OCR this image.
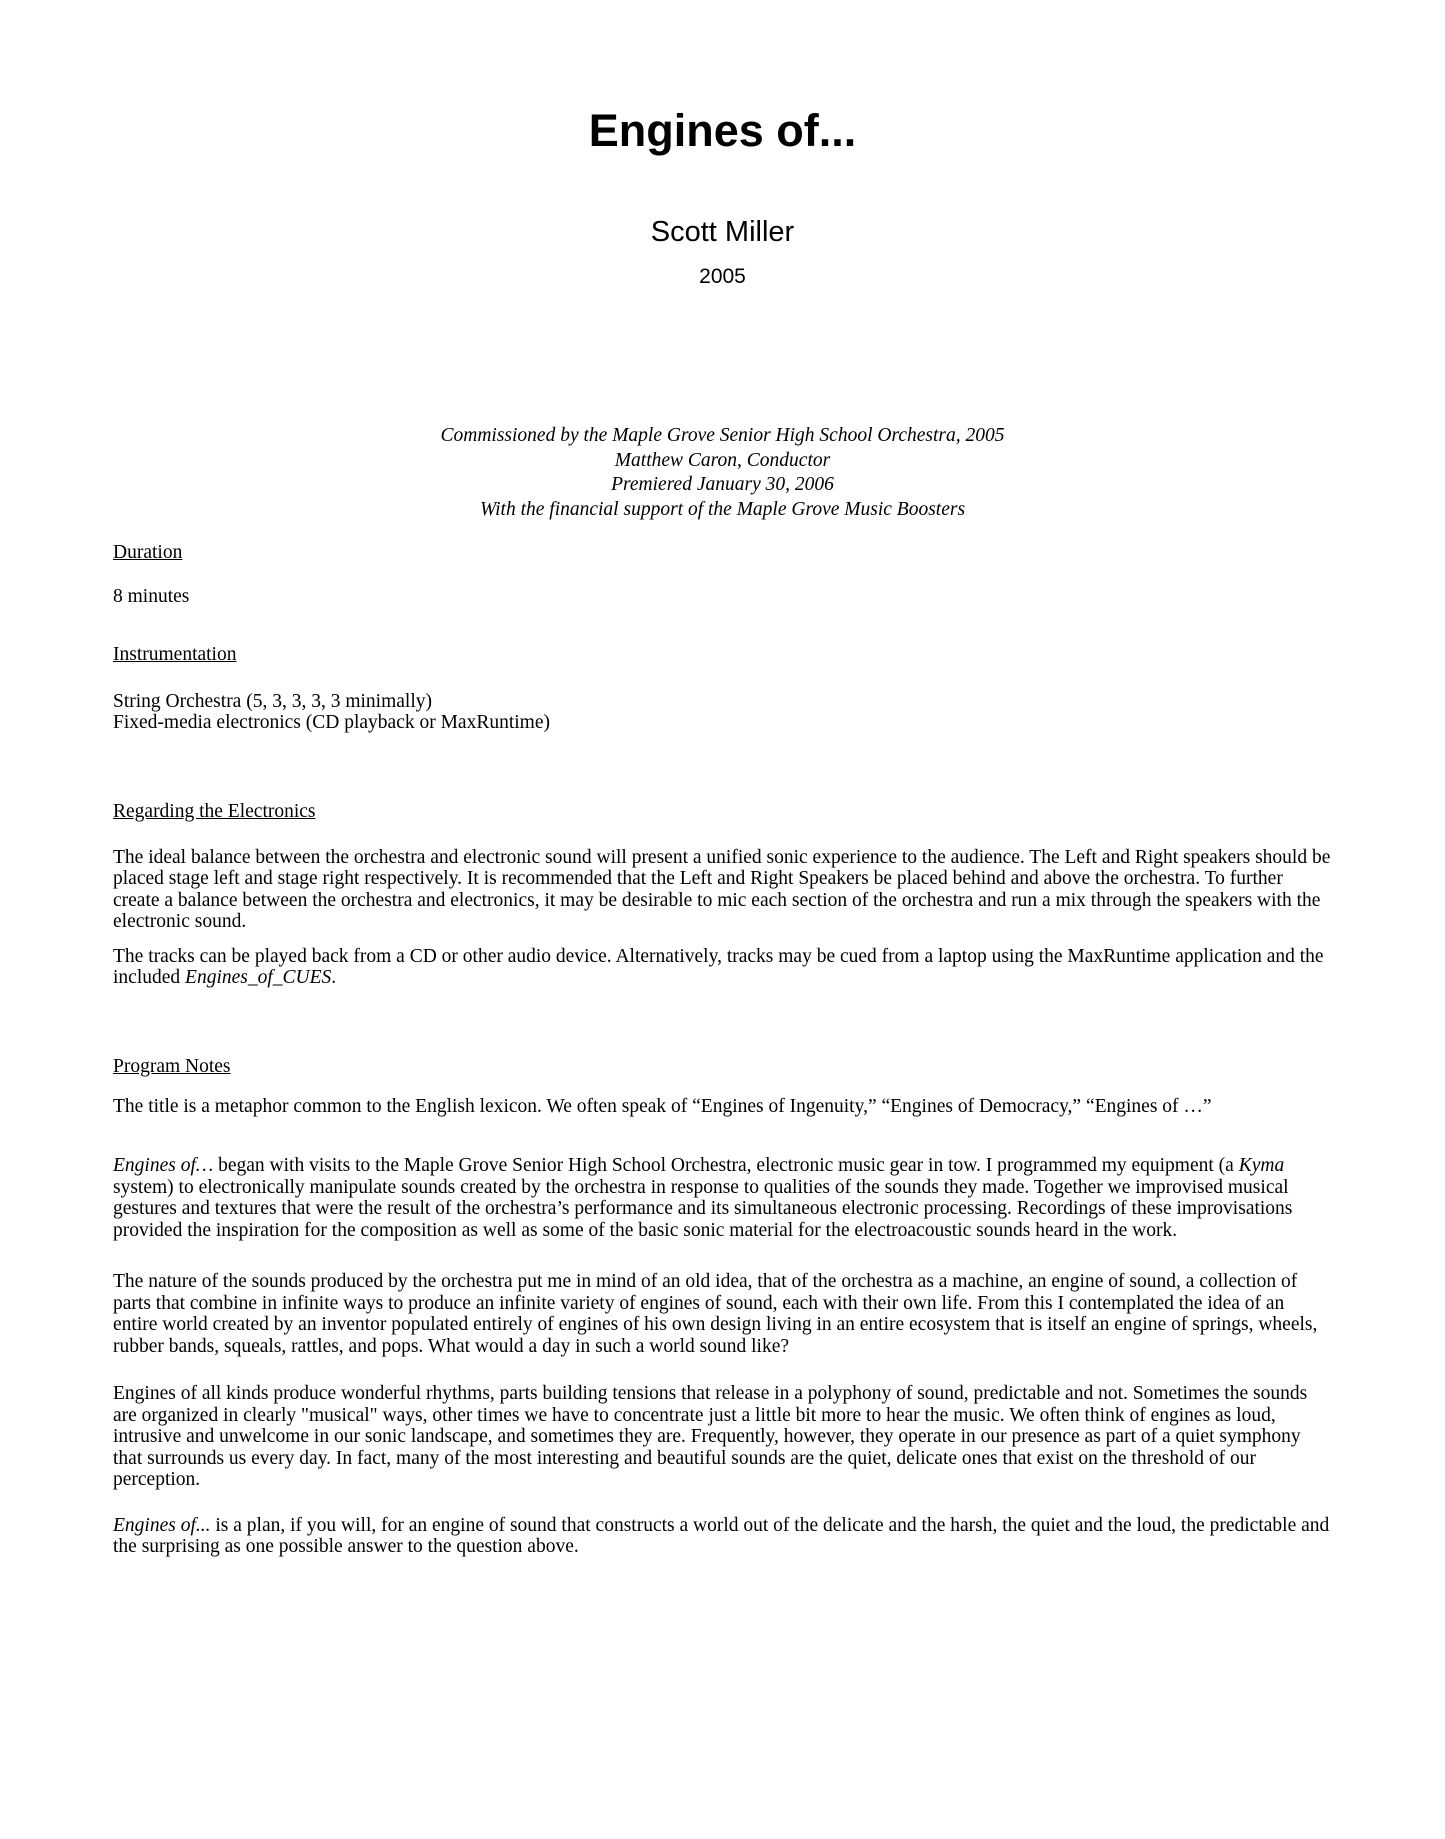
Engines of...
Scott Miller
2005
Commissioned by the Maple Grove Senior High School Orchestra, 2005
Matthew Caron, Conductor
Premiered January 30, 2006
With the financial support of the Maple Grove Music Boosters
Duration
8 minutes
Instrumentation
String Orchestra (5, 3, 3, 3, 3 minimally)
Fixed-media electronics (CD playback or MaxRuntime)
Regarding the Electronics

The ideal balance between the orchestra and electronic sound will present a unified sonic experience to the audience. The Left and Right speakers should be placed stage left and stage right respectively. It is recommended that the Left and Right Speakers be placed behind and above the orchestra. To further create a balance between the orchestra and electronics, it may be desirable to mic each section of the orchestra and run a mix through the speakers with the electronic sound.

The tracks can be played back from a CD or other audio device. Alternatively, tracks may be cued from a laptop using the MaxRuntime application and the included Engines_of_CUES.

Program Notes

The title is a metaphor common to the English lexicon. We often speak of “Engines of Ingenuity,” “Engines of Democracy,” “Engines of …”

Engines of… began with visits to the Maple Grove Senior High School Orchestra, electronic music gear in tow. I programmed my equipment (a Kyma system) to electronically manipulate sounds created by the orchestra in response to qualities of the sounds they made. Together we improvised musical gestures and textures that were the result of the orchestra’s performance and its simultaneous electronic processing. Recordings of these improvisations provided the inspiration for the composition as well as some of the basic sonic material for the electroacoustic sounds heard in the work.

The nature of the sounds produced by the orchestra put me in mind of an old idea, that of the orchestra as a machine, an engine of sound, a collection of parts that combine in infinite ways to produce an infinite variety of engines of sound, each with their own life. From this I contemplated the idea of an entire world created by an inventor populated entirely of engines of his own design living in an entire ecosystem that is itself an engine of springs, wheels, rubber bands, squeals, rattles, and pops. What would a day in such a world sound like?

Engines of all kinds produce wonderful rhythms, parts building tensions that release in a polyphony of sound, predictable and not. Sometimes the sounds are organized in clearly "musical" ways, other times we have to concentrate just a little bit more to hear the music. We often think of engines as loud, intrusive and unwelcome in our sonic landscape, and sometimes they are. Frequently, however, they operate in our presence as part of a quiet symphony that surrounds us every day. In fact, many of the most interesting and beautiful sounds are the quiet, delicate ones that exist on the threshold of our perception.

Engines of... is a plan, if you will, for an engine of sound that constructs a world out of the delicate and the harsh, the quiet and the loud, the predictable and the surprising as one possible answer to the question above.
